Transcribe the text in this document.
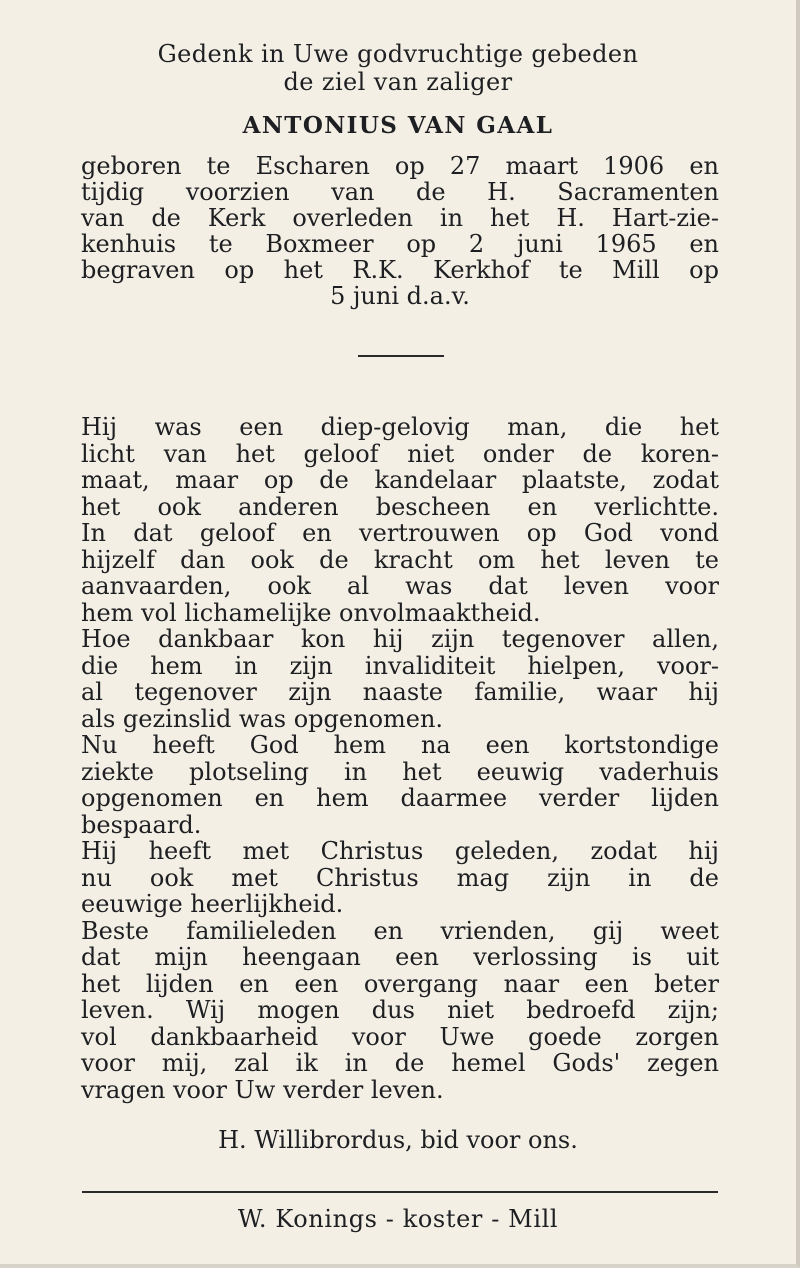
Gedenk in Uwe godvruchtige gebeden
de ziel van zaliger
ANTONIUS VAN GAAL
geboren te Escharen op 27 maart 1906 en
tijdig voorzien van de H. Sacramenten
van de Kerk overleden in het H. Hart-zie-
kenhuis te Boxmeer op 2 juni 1965 en
begraven op het R.K. Kerkhof te Mill op
5 juni d.a.v.
Hij was een diep-gelovig man, die het
licht van het geloof niet onder de koren-
maat, maar op de kandelaar plaatste, zodat
het ook anderen bescheen en verlichtte.
In dat geloof en vertrouwen op God vond
hijzelf dan ook de kracht om het leven te
aanvaarden, ook al was dat leven voor
hem vol lichamelijke onvolmaaktheid.
Hoe dankbaar kon hij zijn tegenover allen,
die hem in zijn invaliditeit hielpen, voor-
al tegenover zijn naaste familie, waar hij
als gezinslid was opgenomen.
Nu heeft God hem na een kortstondige
ziekte plotseling in het eeuwig vaderhuis
opgenomen en hem daarmee verder lijden
bespaard.
Hij heeft met Christus geleden, zodat hij
nu ook met Christus mag zijn in de
eeuwige heerlijkheid.
Beste familieleden en vrienden, gij weet
dat mijn heengaan een verlossing is uit
het lijden en een overgang naar een beter
leven. Wij mogen dus niet bedroefd zijn;
vol dankbaarheid voor Uwe goede zorgen
voor mij, zal ik in de hemel Gods' zegen
vragen voor Uw verder leven.
H. Willibrordus, bid voor ons.
W. Konings - koster - Mill
